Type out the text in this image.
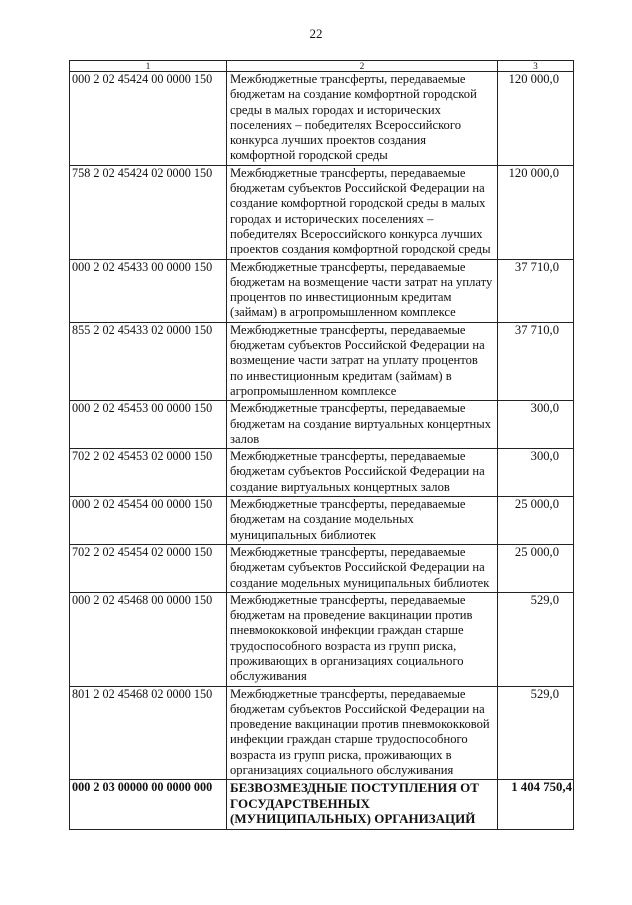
22
1	2	3
000 2 02 45424 00 0000 150	Межбюджетные трансферты, передаваемые бюджетам на создание комфортной городской среды в малых городах и исторических поселениях – победителях Всероссийского конкурса лучших проектов создания комфортной городской среды	120 000,0
758 2 02 45424 02 0000 150	Межбюджетные трансферты, передаваемые бюджетам субъектов Российской Федерации на создание комфортной городской среды в малых городах и исторических поселениях – победителях Всероссийского конкурса лучших проектов создания комфортной городской среды	120 000,0
000 2 02 45433 00 0000 150	Межбюджетные трансферты, передаваемые бюджетам на возмещение части затрат на уплату процентов по инвестиционным кредитам (займам) в агропромышленном комплексе	37 710,0
855 2 02 45433 02 0000 150	Межбюджетные трансферты, передаваемые бюджетам субъектов Российской Федерации на возмещение части затрат на уплату процентов по инвестиционным кредитам (займам) в агропромышленном комплексе	37 710,0
000 2 02 45453 00 0000 150	Межбюджетные трансферты, передаваемые бюджетам на создание виртуальных концертных залов	300,0
702 2 02 45453 02 0000 150	Межбюджетные трансферты, передаваемые бюджетам субъектов Российской Федерации на создание виртуальных концертных залов	300,0
000 2 02 45454 00 0000 150	Межбюджетные трансферты, передаваемые бюджетам на создание модельных муниципальных библиотек	25 000,0
702 2 02 45454 02 0000 150	Межбюджетные трансферты, передаваемые бюджетам субъектов Российской Федерации на создание модельных муниципальных библиотек	25 000,0
000 2 02 45468 00 0000 150	Межбюджетные трансферты, передаваемые бюджетам на проведение вакцинации против пневмококковой инфекции граждан старше трудоспособного возраста из групп риска, проживающих в организациях социального обслуживания	529,0
801 2 02 45468 02 0000 150	Межбюджетные трансферты, передаваемые бюджетам субъектов Российской Федерации на проведение вакцинации против пневмококковой инфекции граждан старше трудоспособного возраста из групп риска, проживающих в организациях социального обслуживания	529,0
000 2 03 00000 00 0000 000	БЕЗВОЗМЕЗДНЫЕ ПОСТУПЛЕНИЯ ОТ ГОСУДАРСТВЕННЫХ (МУНИЦИПАЛЬНЫХ) ОРГАНИЗАЦИЙ	1 404 750,4
